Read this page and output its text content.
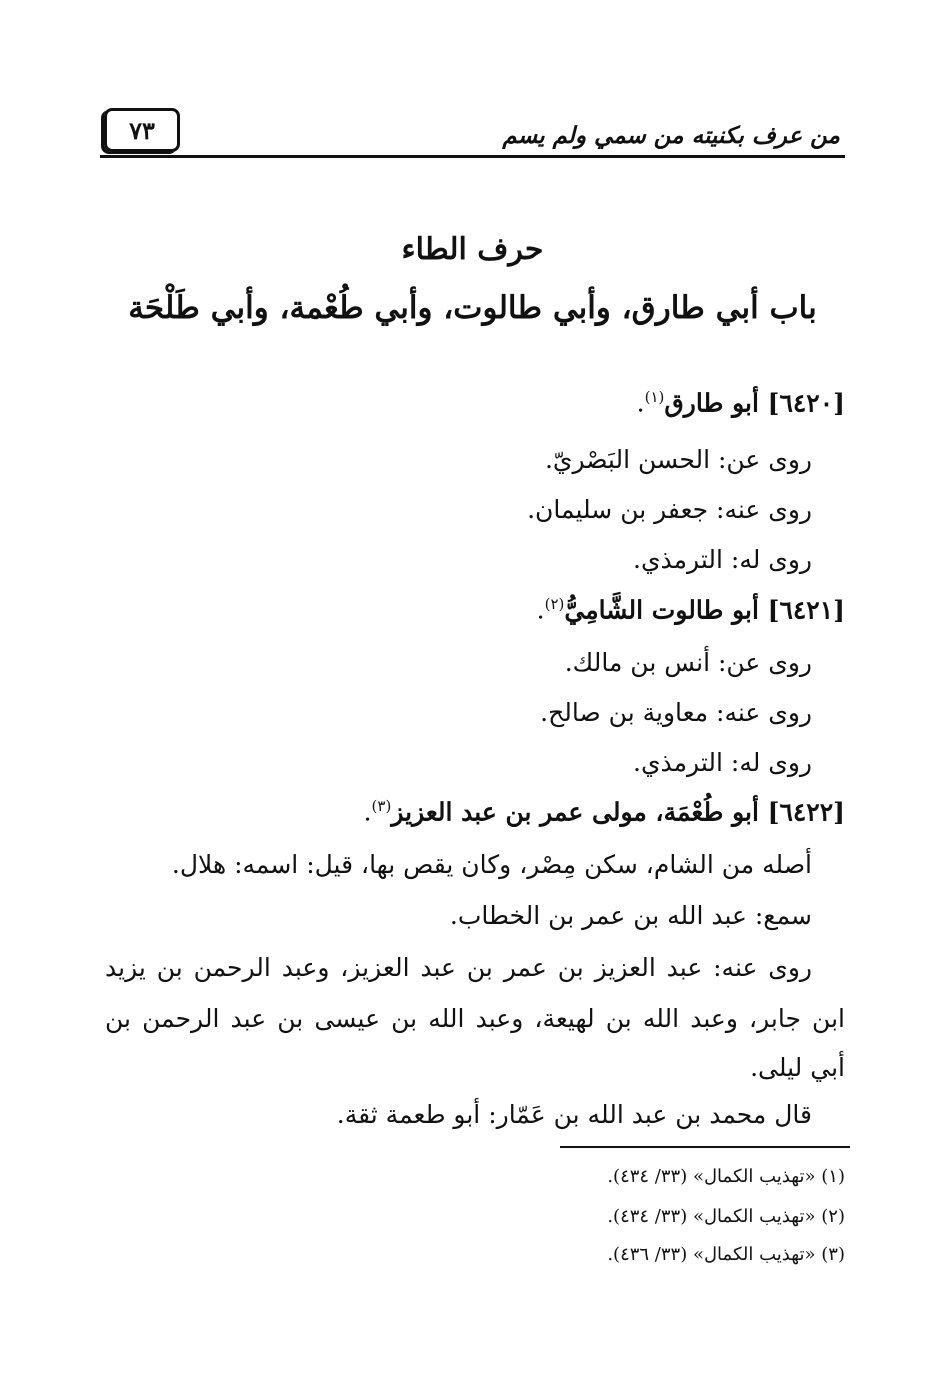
من عرف بكنيته من سمي ولم يسم
٧٣
حرف الطاء
باب أبي طارق، وأبي طالوت، وأبي طُعْمة، وأبي طَلْحَة
[٦٤٢٠] أبو طارق$^{(١)}$.
روى عن: الحسن البَصْريّ.
روى عنه: جعفر بن سليمان.
روى له: الترمذي.
[٦٤٢١] أبو طالوت الشَّامِيُّ$^{(٢)}$.
روى عن: أنس بن مالك.
روى عنه: معاوية بن صالح.
روى له: الترمذي.
[٦٤٢٢] أبو طُعْمَة، مولى عمر بن عبد العزيز$^{(٣)}$.
أصله من الشام، سكن مِصْر، وكان يقص بها، قيل: اسمه: هلال.
سمع: عبد الله بن عمر بن الخطاب.
روى عنه: عبد العزيز بن عمر بن عبد العزيز، وعبد الرحمن بن يزيد
ابن جابر، وعبد الله بن لهيعة، وعبد الله بن عيسى بن عبد الرحمن بن
أبي ليلى.
قال محمد بن عبد الله بن عَمّار: أبو طعمة ثقة.
(١) «تهذيب الكمال» (٣٣/ ٤٣٤).
(٢) «تهذيب الكمال» (٣٣/ ٤٣٤).
(٣) «تهذيب الكمال» (٣٣/ ٤٣٦).
